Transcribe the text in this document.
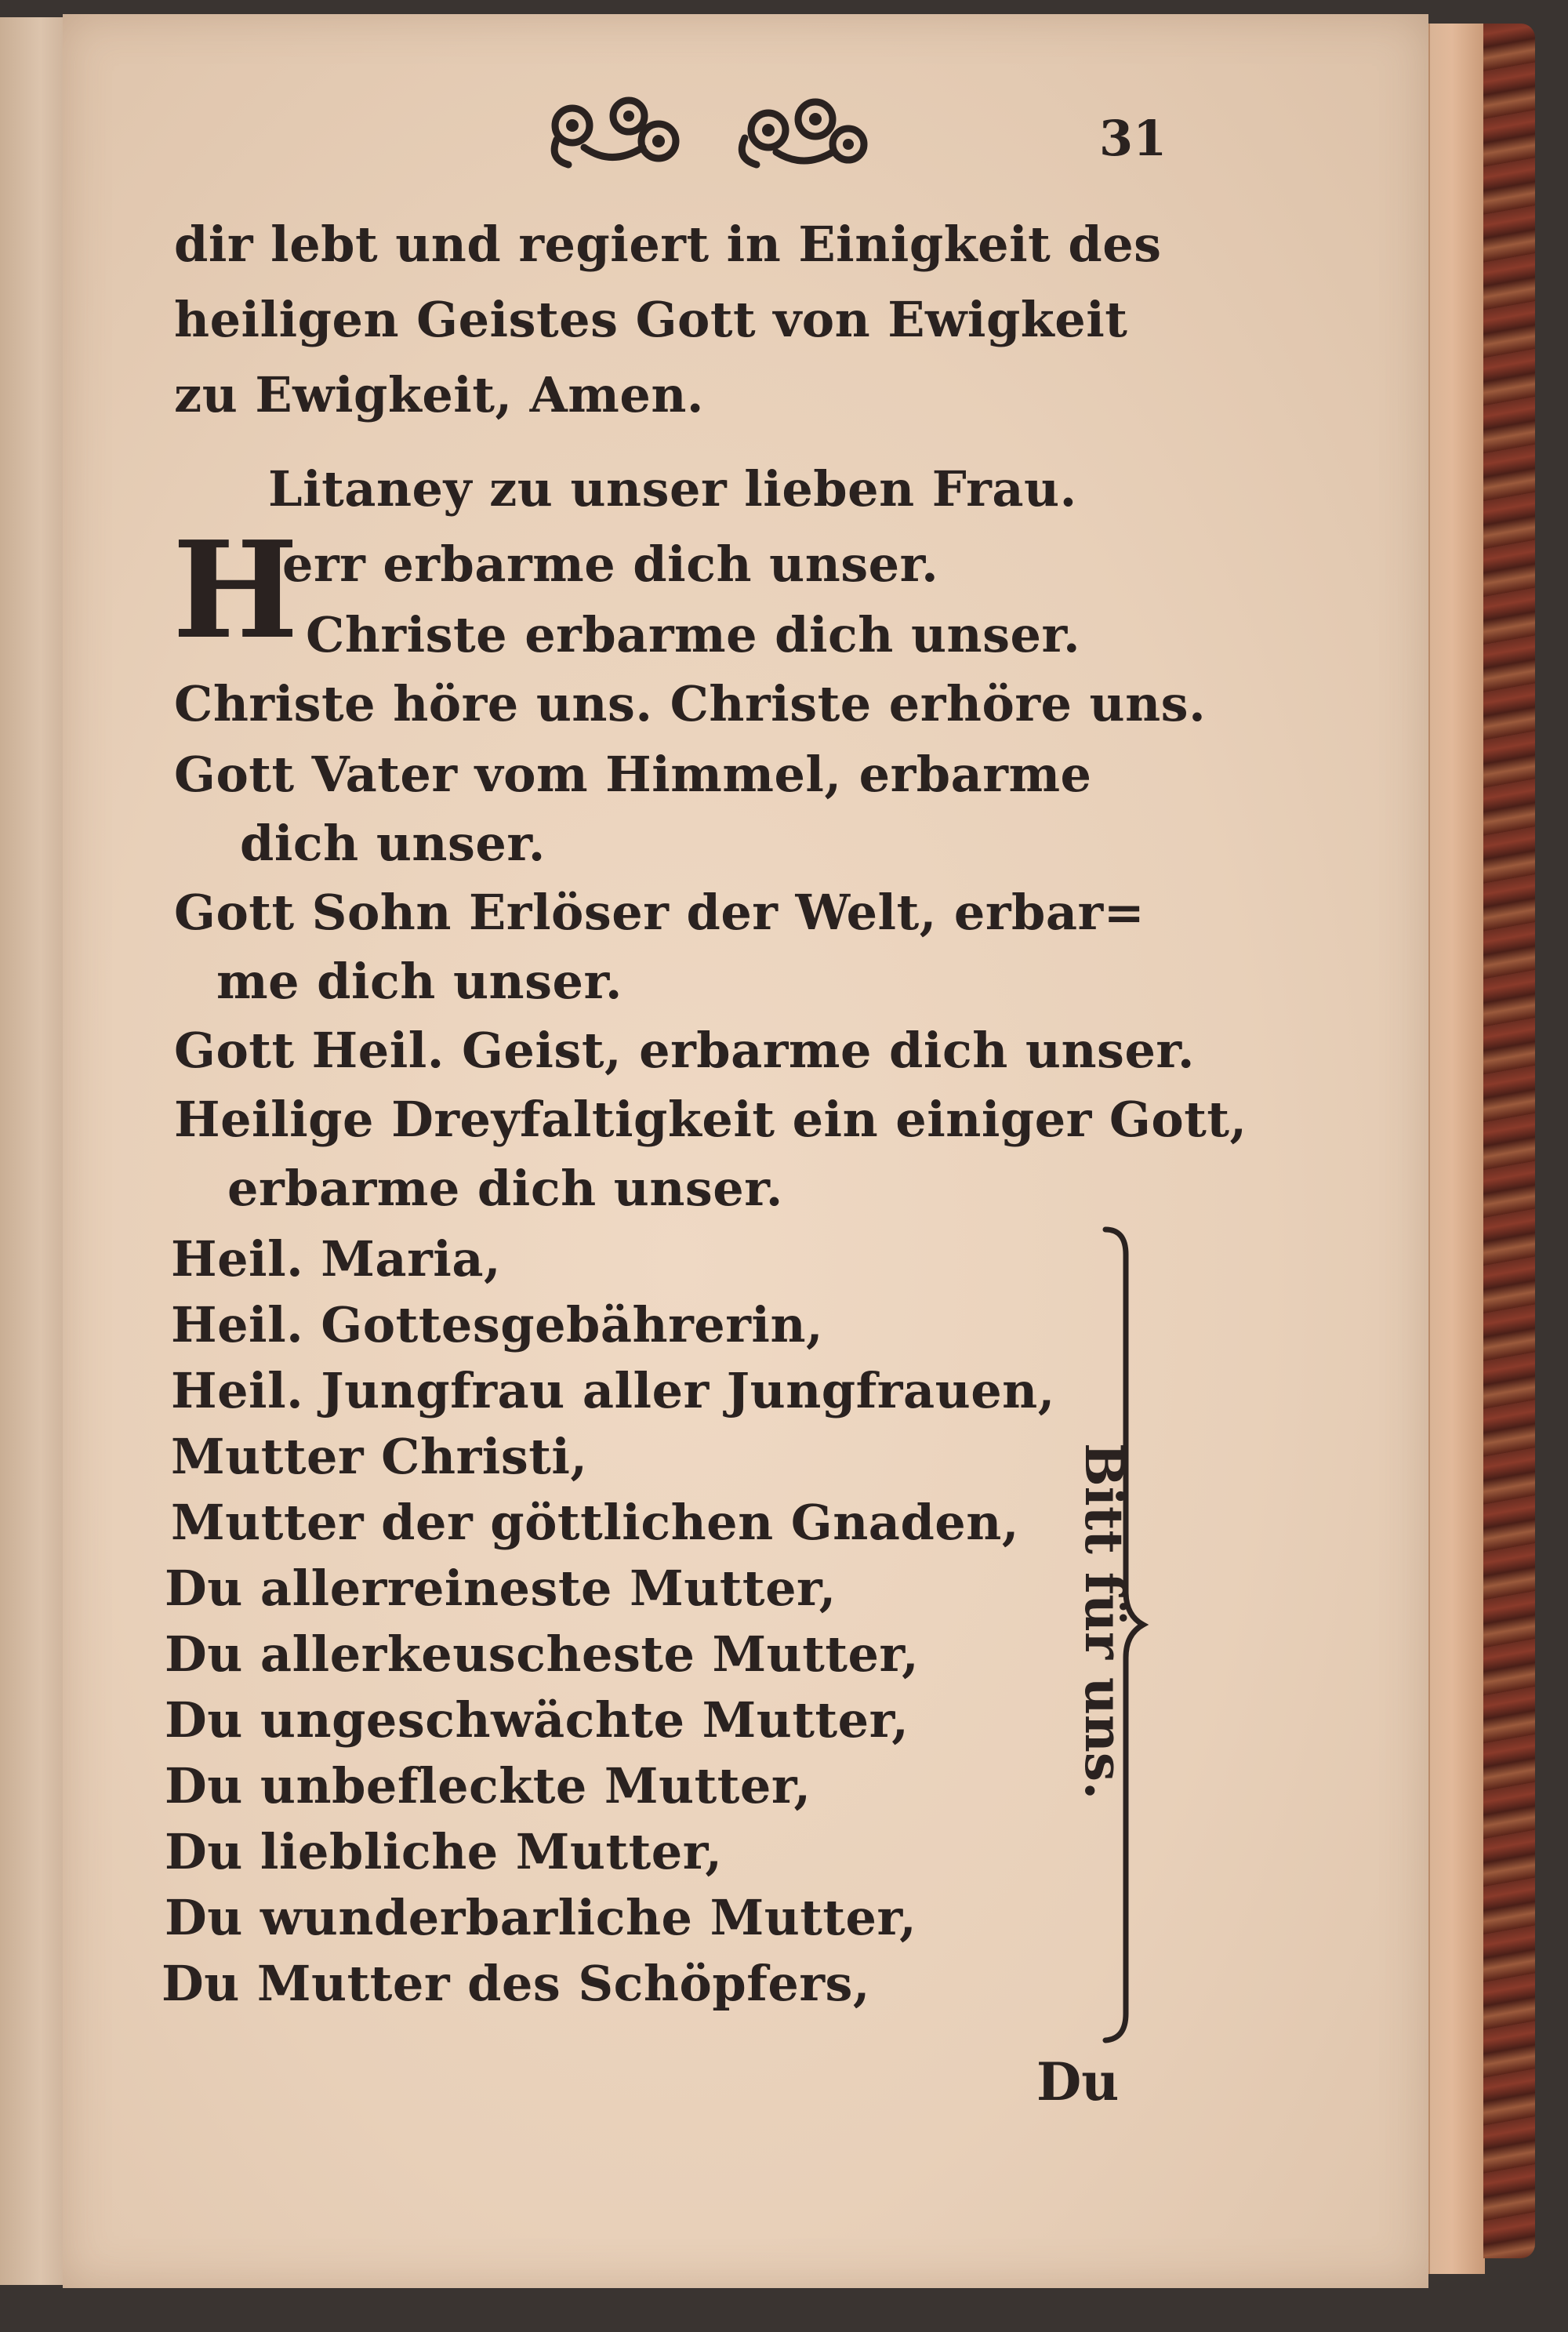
31
dir lebt und regiert in Einigkeit des
heiligen Geistes Gott von Ewigkeit
zu Ewigkeit, Amen.
Litaney zu unser lieben Frau.
H
err erbarme dich unser.
Christe erbarme dich unser.
Christe höre uns. Christe erhöre uns.
Gott Vater vom Himmel, erbarme
dich unser.
Gott Sohn Erlöser der Welt, erbar=
me dich unser.
Gott Heil. Geist, erbarme dich unser.
Heilige Dreyfaltigkeit ein einiger Gott,
erbarme dich unser.
Heil. Maria,
Heil. Gottesgebährerin,
Heil. Jungfrau aller Jungfrauen,
Mutter Christi,
Mutter der göttlichen Gnaden,
Du allerreineste Mutter,
Du allerkeuscheste Mutter,
Du ungeschwächte Mutter,
Du unbefleckte Mutter,
Du liebliche Mutter,
Du wunderbarliche Mutter,
Du Mutter des Schöpfers,
Bitt für uns.
Du
